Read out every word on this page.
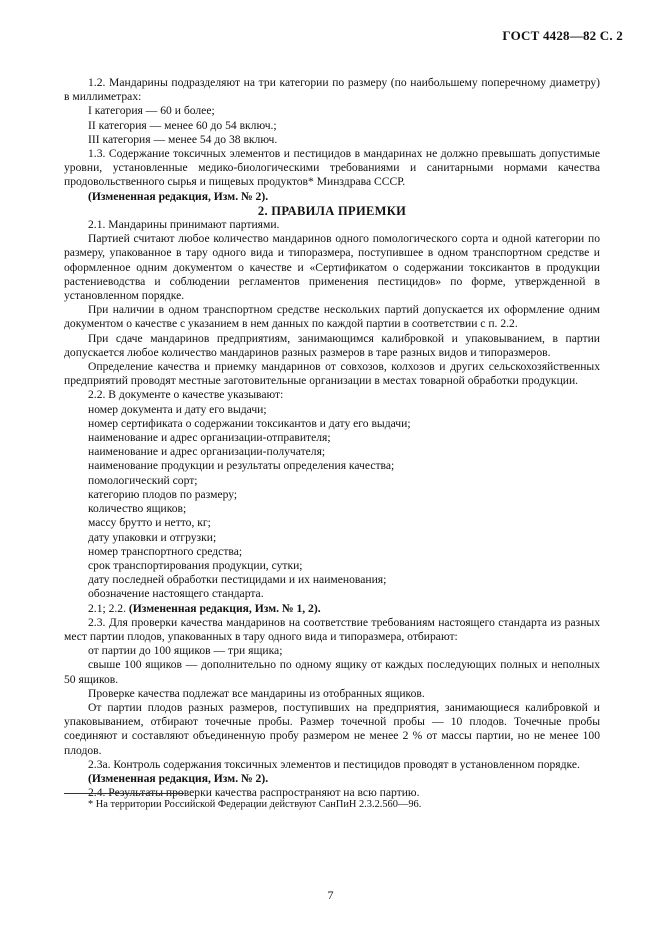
ГОСТ 4428—82 С. 2

1.2. Мандарины подразделяют на три категории по размеру (по наибольшему поперечному диаметру) в миллиметрах:

I категория — 60 и более;

II категория — менее 60 до 54 включ.;

III категория — менее 54 до 38 включ.

1.3. Содержание токсичных элементов и пестицидов в мандаринах не должно превышать допустимые уровни, установленные медико-биологическими требованиями и санитарными нормами качества продовольственного сырья и пищевых продуктов* Минздрава СССР.

(Измененная редакция, Изм. № 2).

2. ПРАВИЛА ПРИЕМКИ

2.1. Мандарины принимают партиями.

Партией считают любое количество мандаринов одного помологического сорта и одной категории по размеру, упакованное в тару одного вида и типоразмера, поступившее в одном транспортном средстве и оформленное одним документом о качестве и «Сертификатом о содержании токсикантов в продукции растениеводства и соблюдении регламентов применения пестицидов» по форме, утвержденной в установленном порядке.

При наличии в одном транспортном средстве нескольких партий допускается их оформление одним документом о качестве с указанием в нем данных по каждой партии в соответствии с п. 2.2.

При сдаче мандаринов предприятиям, занимающимся калибровкой и упаковыванием, в партии допускается любое количество мандаринов разных размеров в таре разных видов и типоразмеров.

Определение качества и приемку мандаринов от совхозов, колхозов и других сельскохозяйственных предприятий проводят местные заготовительные организации в местах товарной обработки продукции.

2.2. В документе о качестве указывают:

номер документа и дату его выдачи;

номер сертификата о содержании токсикантов и дату его выдачи;

наименование и адрес организации-отправителя;

наименование и адрес организации-получателя;

наименование продукции и результаты определения качества;

помологический сорт;

категорию плодов по размеру;

количество ящиков;

массу брутто и нетто, кг;

дату упаковки и отгрузки;

номер транспортного средства;

срок транспортирования продукции, сутки;

дату последней обработки пестицидами и их наименования;

обозначение настоящего стандарта.

2.1; 2.2. (Измененная редакция, Изм. № 1, 2).

2.3. Для проверки качества мандаринов на соответствие требованиям настоящего стандарта из разных мест партии плодов, упакованных в тару одного вида и типоразмера, отбирают:

от партии до 100 ящиков — три ящика;

свыше 100 ящиков — дополнительно по одному ящику от каждых последующих полных и неполных 50 ящиков.

Проверке качества подлежат все мандарины из отобранных ящиков.

От партии плодов разных размеров, поступивших на предприятия, занимающиеся калибровкой и упаковыванием, отбирают точечные пробы. Размер точечной пробы — 10 плодов. Точечные пробы соединяют и составляют объединенную пробу размером не менее 2 % от массы партии, но не менее 100 плодов.

2.3а. Контроль содержания токсичных элементов и пестицидов проводят в установленном порядке.

(Измененная редакция, Изм. № 2).

2.4. Результаты проверки качества распространяют на всю партию.

* На территории Российской Федерации действуют СанПиН 2.3.2.560—96.
7
